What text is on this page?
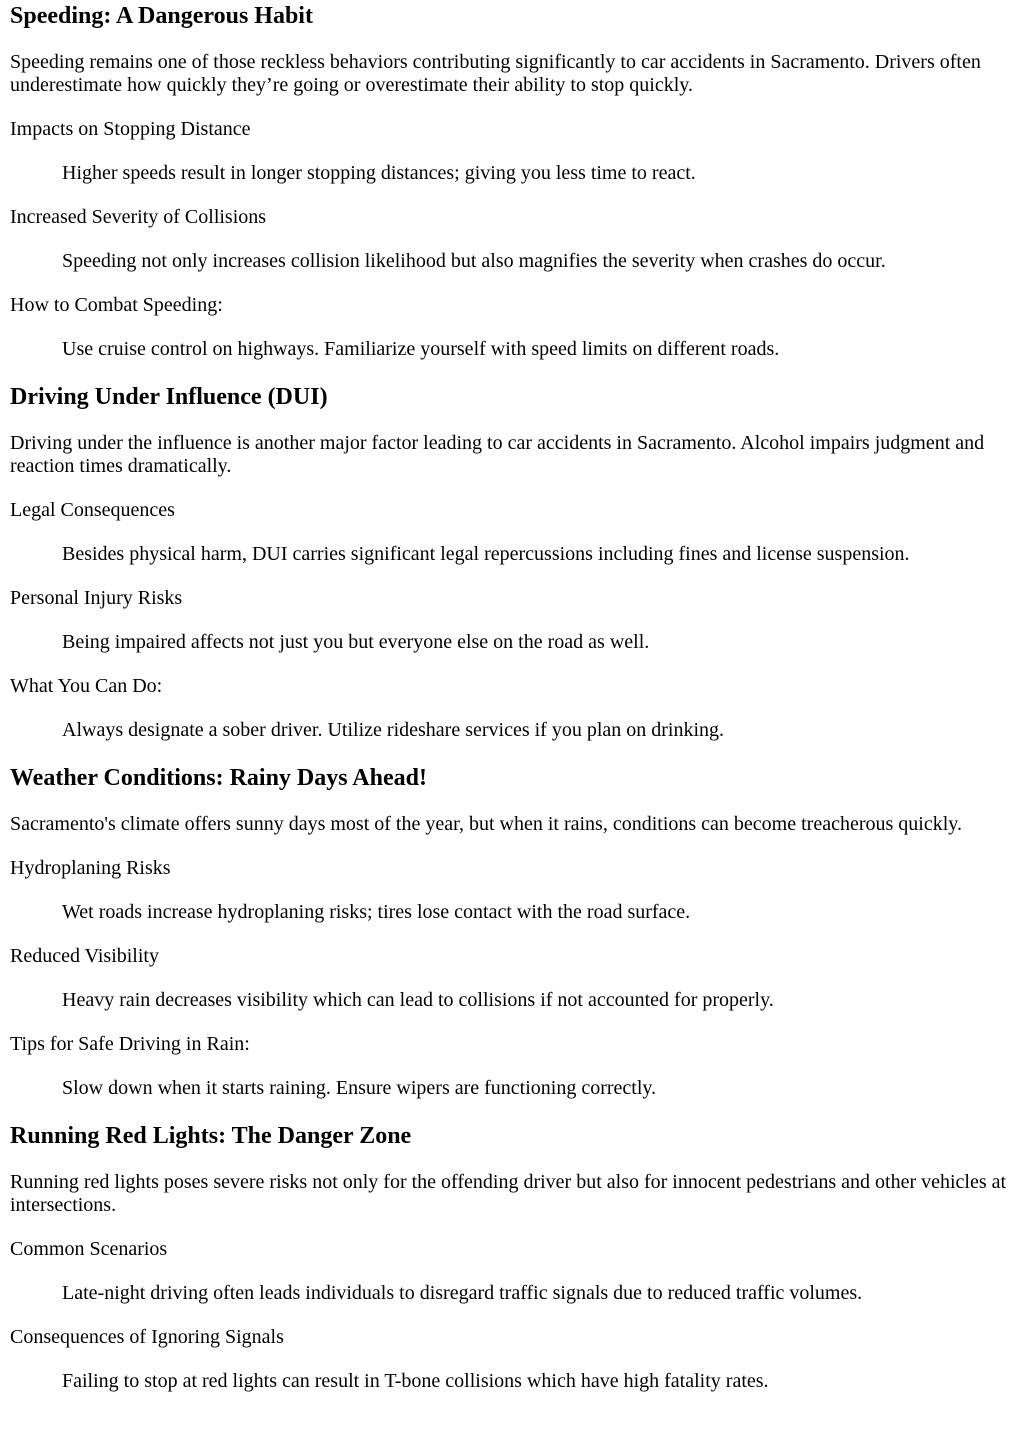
Speeding: A Dangerous Habit

Speeding remains one of those reckless behaviors contributing significantly to car accidents in Sacramento. Drivers often underestimate how quickly they’re going or overestimate their ability to stop quickly.

Impacts on Stopping Distance

Higher speeds result in longer stopping distances; giving you less time to react.

Increased Severity of Collisions

Speeding not only increases collision likelihood but also magnifies the severity when crashes do occur.

How to Combat Speeding:

Use cruise control on highways. Familiarize yourself with speed limits on different roads.

Driving Under Influence (DUI)

Driving under the influence is another major factor leading to car accidents in Sacramento. Alcohol impairs judgment and reaction times dramatically.

Legal Consequences

Besides physical harm, DUI carries significant legal repercussions including fines and license suspension.

Personal Injury Risks

Being impaired affects not just you but everyone else on the road as well.

What You Can Do:

Always designate a sober driver. Utilize rideshare services if you plan on drinking.

Weather Conditions: Rainy Days Ahead!

Sacramento's climate offers sunny days most of the year, but when it rains, conditions can become treacherous quickly.

Hydroplaning Risks

Wet roads increase hydroplaning risks; tires lose contact with the road surface.

Reduced Visibility

Heavy rain decreases visibility which can lead to collisions if not accounted for properly.

Tips for Safe Driving in Rain:

Slow down when it starts raining. Ensure wipers are functioning correctly.

Running Red Lights: The Danger Zone

Running red lights poses severe risks not only for the offending driver but also for innocent pedestrians and other vehicles at intersections.

Common Scenarios

Late-night driving often leads individuals to disregard traffic signals due to reduced traffic volumes.

Consequences of Ignoring Signals

Failing to stop at red lights can result in T-bone collisions which have high fatality rates.
